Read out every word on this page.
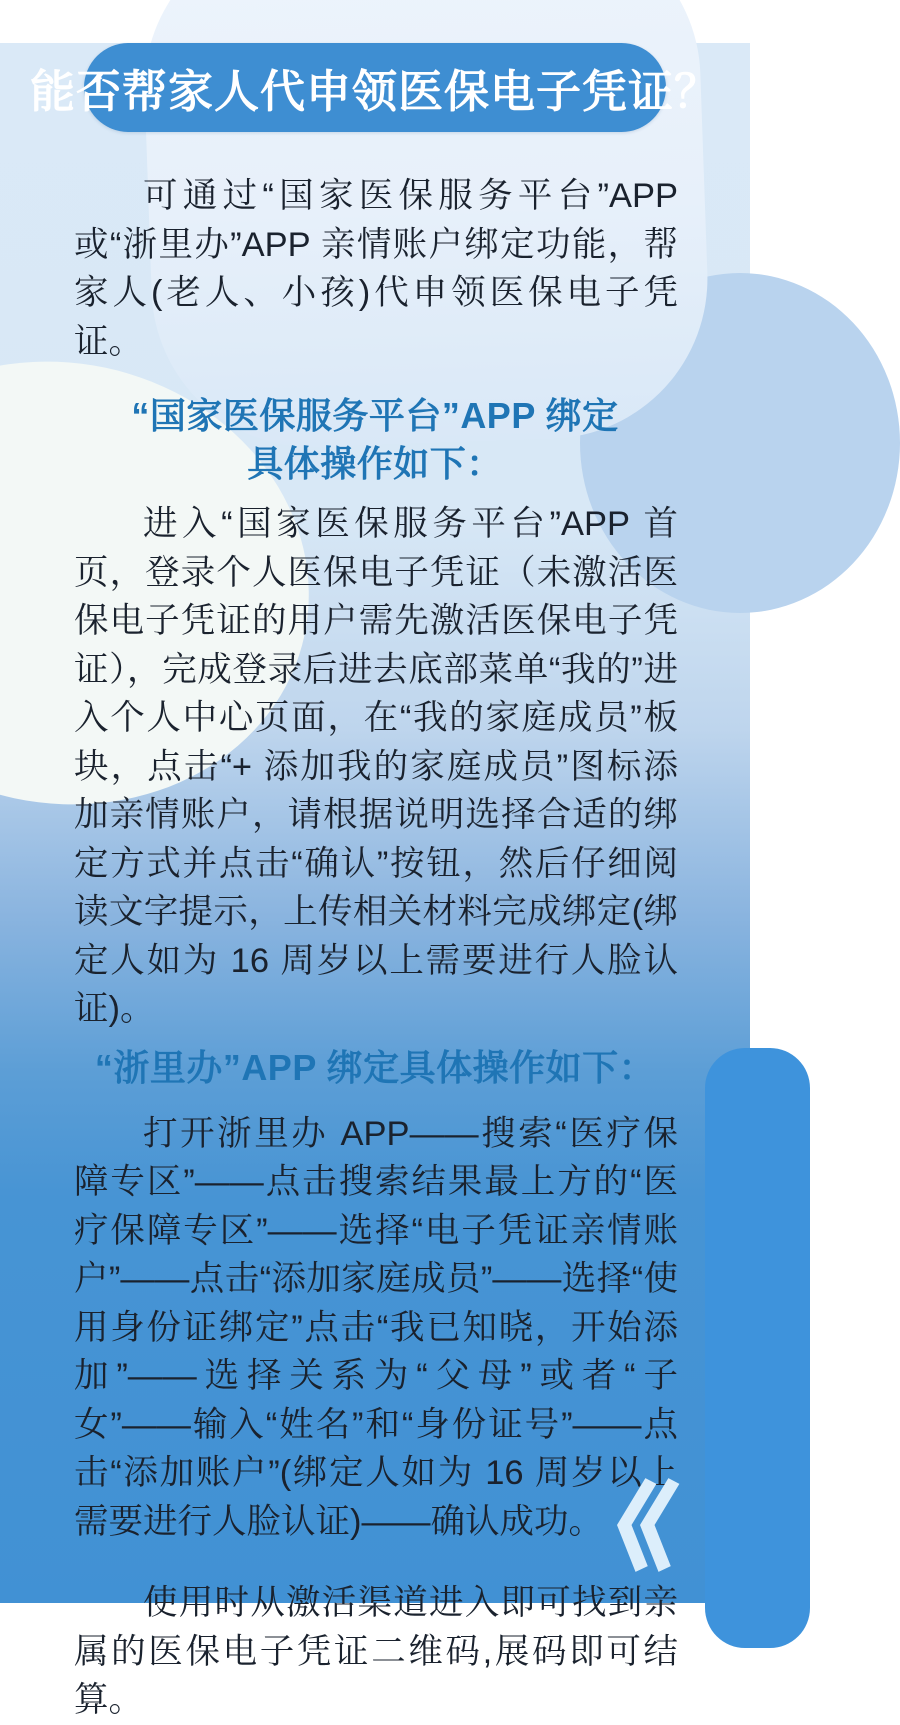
能否帮家人代申领医保电子凭证？

可通过“国家医保服务平台”APP 或“浙里办”APP 亲情账户绑定功能，帮家人(老人、小孩)代申领医保电子凭证。

“国家医保服务平台”APP 绑定
具体操作如下：

进入“国家医保服务平台”APP 首页，登录个人医保电子凭证（未激活医保电子凭证的用户需先激活医保电子凭证），完成登录后进去底部菜单“我的”进入个人中心页面，在“我的家庭成员”板块，点击“+ 添加我的家庭成员”图标添加亲情账户，请根据说明选择合适的绑定方式并点击“确认”按钮，然后仔细阅读文字提示，上传相关材料完成绑定(绑定人如为 16 周岁以上需要进行人脸认证)。

“浙里办”APP 绑定具体操作如下：

打开浙里办 APP——搜索“医疗保障专区”——点击搜索结果最上方的“医疗保障专区”——选择“电子凭证亲情账户”——点击“添加家庭成员”——选择“使用身份证绑定”点击“我已知晓，开始添加”——选择关系为“父母”或者“子女”——输入“姓名”和“身份证号”——点击“添加账户”(绑定人如为 16 周岁以上需要进行人脸认证)——确认成功。

使用时从激活渠道进入即可找到亲属的医保电子凭证二维码,展码即可结算。
